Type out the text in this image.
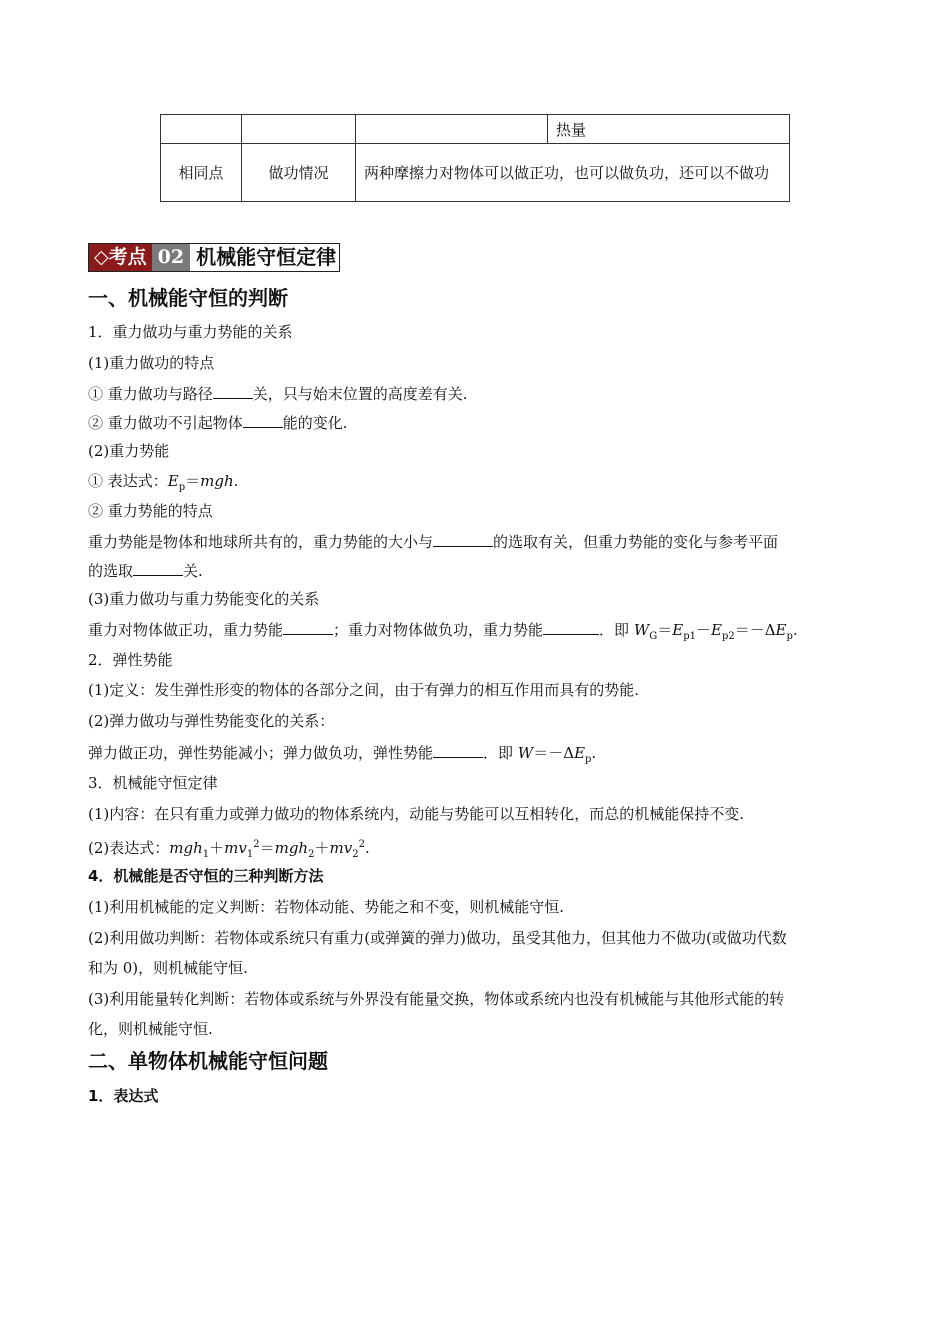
			热量
相同点	做功情况	两种摩擦力对物体可以做正功，也可以做负功，还可以不做功	
◇考点 02 机械能守恒定律
一、机械能守恒的判断
1．重力做功与重力势能的关系
(1)重力做功的特点
① 重力做功与路径	关，只与始末位置的高度差有关.
② 重力做功不引起物体	能的变化.
(2)重力势能
① 表达式：$E_p=mgh$.
② 重力势能的特点
重力势能是物体和地球所共有的，重力势能的大小与	的选取有关，但重力势能的变化与参考平面
的选取	关.
(3)重力做功与重力势能变化的关系
重力对物体做正功，重力势能	；重力对物体做负功，重力势能	．即 $W_G=E_{p1}-E_{p2}=-\Delta E_p$.
2．弹性势能
(1)定义：发生弹性形变的物体的各部分之间，由于有弹力的相互作用而具有的势能.
(2)弹力做功与弹性势能变化的关系：
弹力做正功，弹性势能减小；弹力做负功，弹性势能	．即 $W=-\Delta E_p$.
3．机械能守恒定律
(1)内容：在只有重力或弹力做功的物体系统内，动能与势能可以互相转化，而总的机械能保持不变.
(2)表达式：$mgh_1+mv_1^2=mgh_2+mv_2^2$.
4．机械能是否守恒的三种判断方法
(1)利用机械能的定义判断：若物体动能、势能之和不变，则机械能守恒.
(2)利用做功判断：若物体或系统只有重力(或弹簧的弹力)做功，虽受其他力，但其他力不做功(或做功代数
和为 0)，则机械能守恒.
(3)利用能量转化判断：若物体或系统与外界没有能量交换，物体或系统内也没有机械能与其他形式能的转
化，则机械能守恒.
二、单物体机械能守恒问题
1．表达式
